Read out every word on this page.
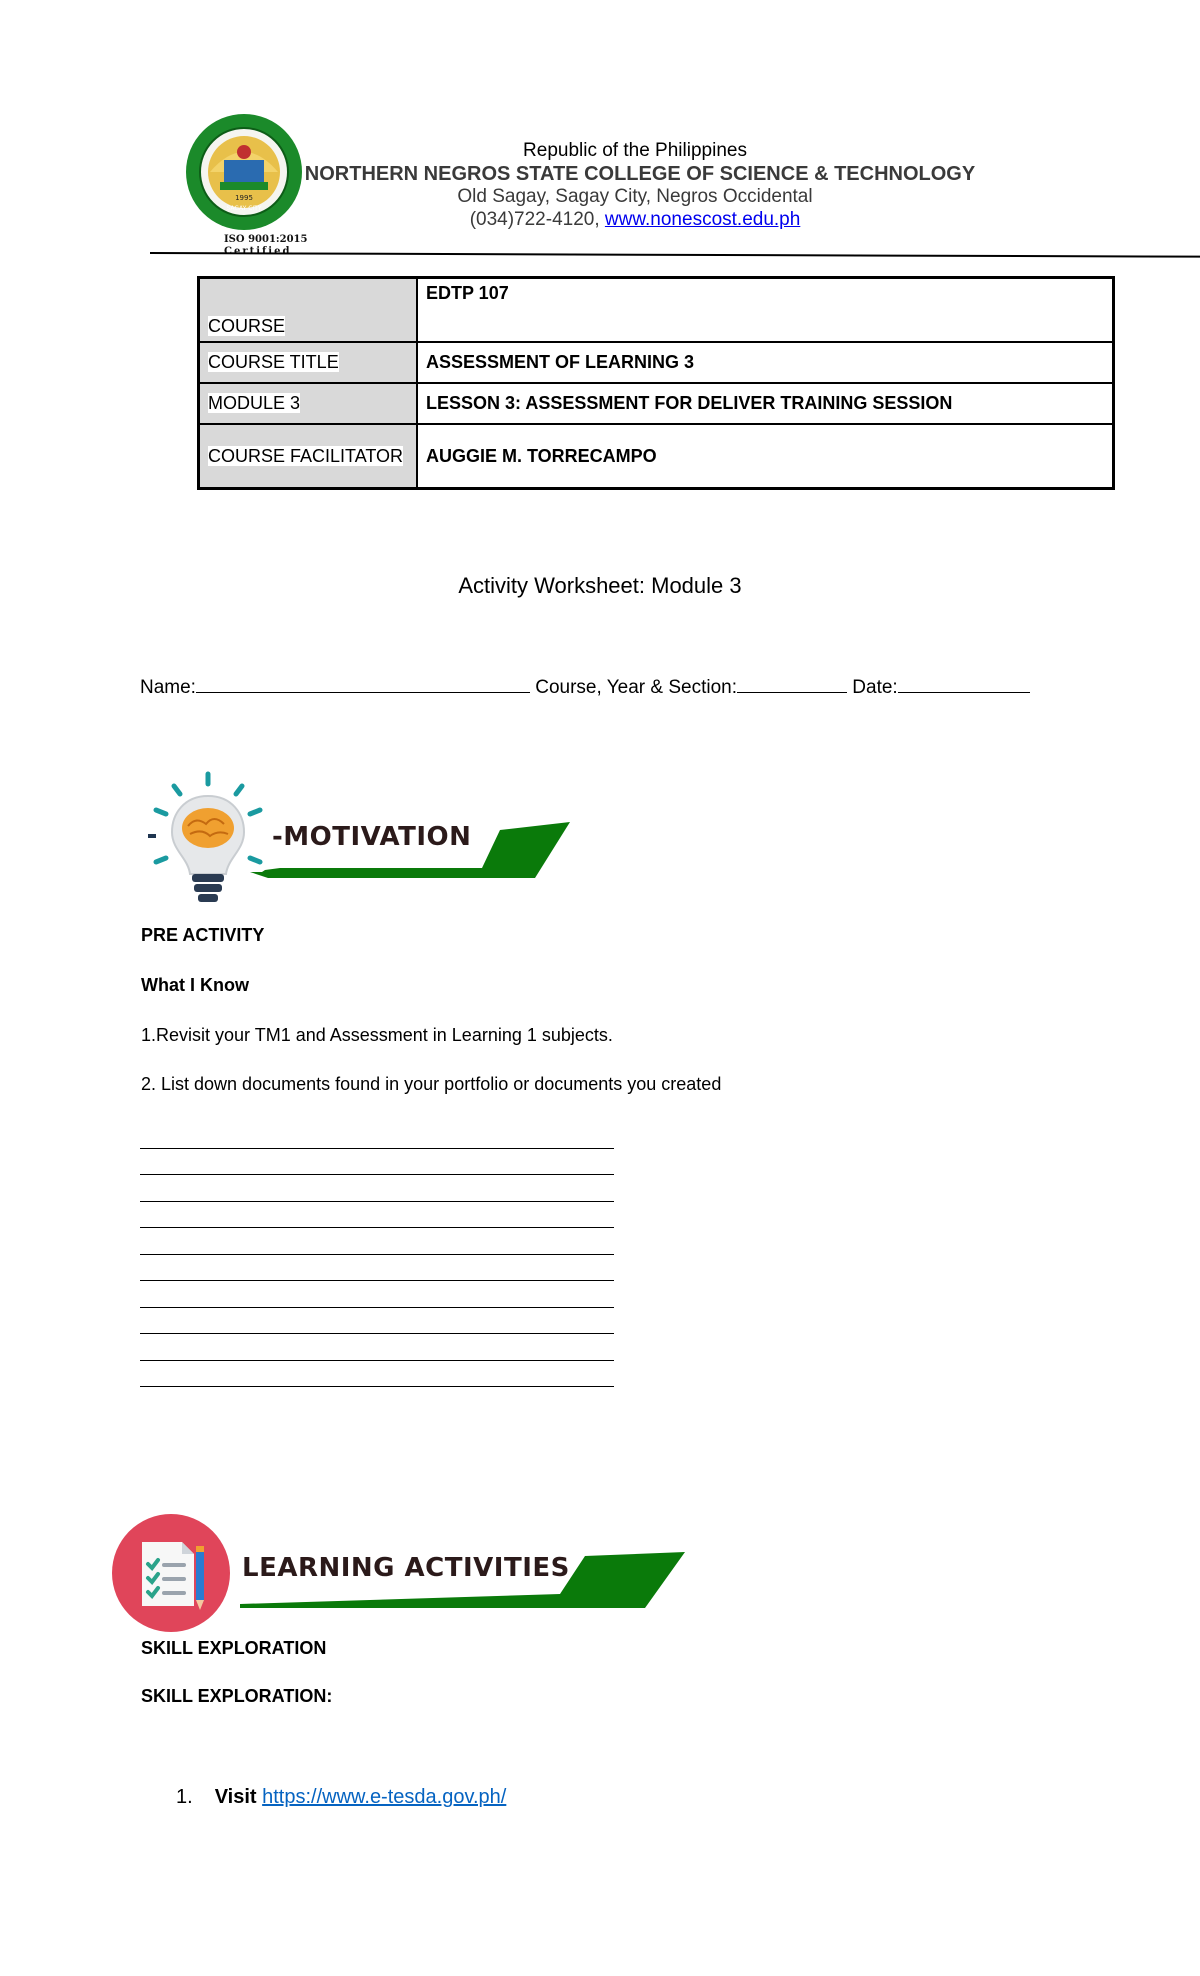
1995
SAGAY CITY
ISO 9001:2015
Certified
Republic of the Philippines
NORTHERN NEGROS STATE COLLEGE OF SCIENCE & TECHNOLOGY
Old Sagay, Sagay City, Negros Occidental
(034)722-4120, www.nonescost.edu.ph
COURSE	EDTP 107
COURSE TITLE	ASSESSMENT OF LEARNING 3
MODULE 3	LESSON 3: ASSESSMENT FOR DELIVER TRAINING SESSION
COURSE FACILITATOR	AUGGIE M. TORRECAMPO
Activity Worksheet: Module 3
Name:	Course, Year & Section:	Date:
-MOTIVATION
PRE ACTIVITY
What I Know
1.Revisit your TM1 and Assessment in Learning 1 subjects.
2. List down documents found in your portfolio or documents you created
LEARNING ACTIVITIES
SKILL EXPLORATION
SKILL EXPLORATION:
1. Visit https://www.e-tesda.gov.ph/
